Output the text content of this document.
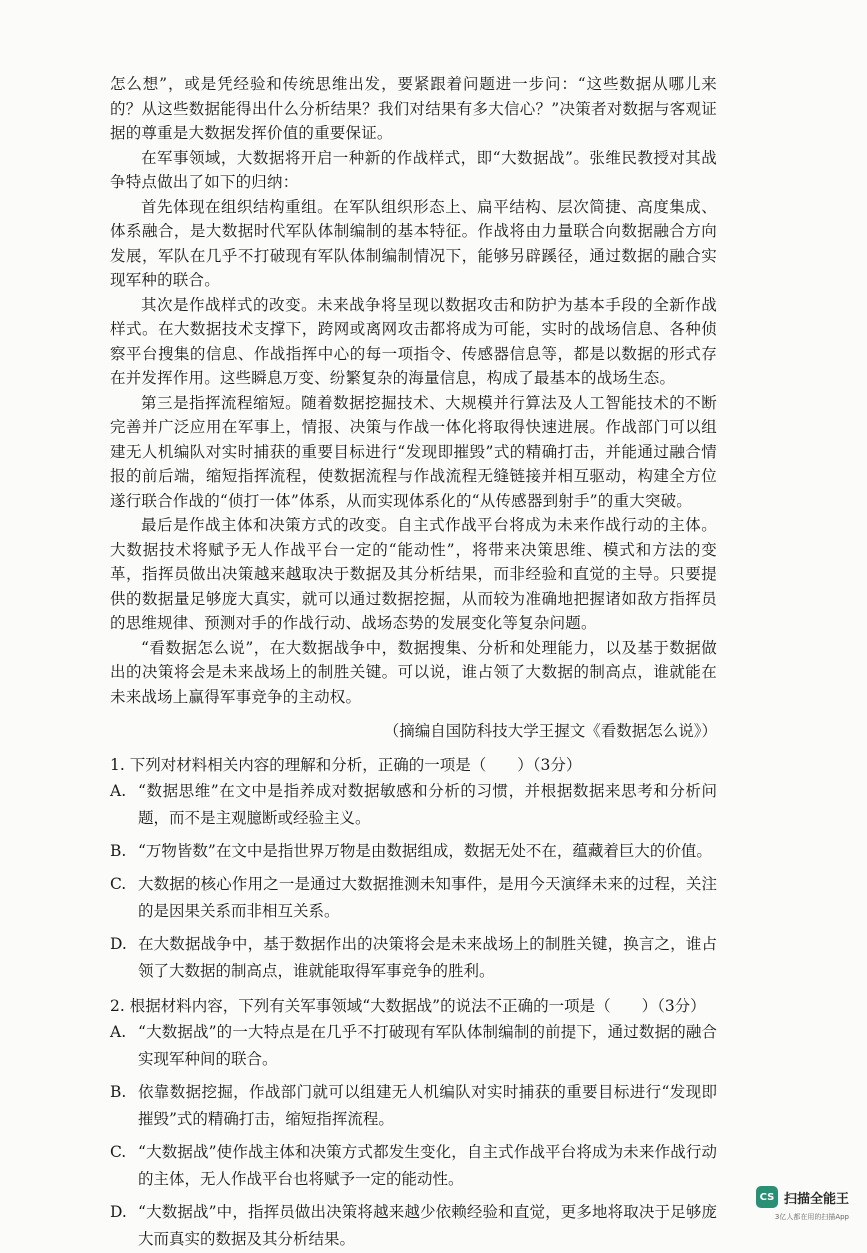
怎么想”，或是凭经验和传统思维出发，要紧跟着问题进一步问：“这些数据从哪儿来的？从这些数据能得出什么分析结果？我们对结果有多大信心？”决策者对数据与客观证据的尊重是大数据发挥价值的重要保证。

在军事领域，大数据将开启一种新的作战样式，即“大数据战”。张维民教授对其战争特点做出了如下的归纳：

首先体现在组织结构重组。在军队组织形态上、扁平结构、层次简捷、高度集成、体系融合，是大数据时代军队体制编制的基本特征。作战将由力量联合向数据融合方向发展，军队在几乎不打破现有军队体制编制情况下，能够另辟蹊径，通过数据的融合实现军种的联合。

其次是作战样式的改变。未来战争将呈现以数据攻击和防护为基本手段的全新作战样式。在大数据技术支撑下，跨网或离网攻击都将成为可能，实时的战场信息、各种侦察平台搜集的信息、作战指挥中心的每一项指令、传感器信息等，都是以数据的形式存在并发挥作用。这些瞬息万变、纷繁复杂的海量信息，构成了最基本的战场生态。

第三是指挥流程缩短。随着数据挖掘技术、大规模并行算法及人工智能技术的不断完善并广泛应用在军事上，情报、决策与作战一体化将取得快速进展。作战部门可以组建无人机编队对实时捕获的重要目标进行“发现即摧毁”式的精确打击，并能通过融合情报的前后端，缩短指挥流程，使数据流程与作战流程无缝链接并相互驱动，构建全方位遂行联合作战的“侦打一体”体系，从而实现体系化的“从传感器到射手”的重大突破。

最后是作战主体和决策方式的改变。自主式作战平台将成为未来作战行动的主体。大数据技术将赋予无人作战平台一定的“能动性”，将带来决策思维、模式和方法的变革，指挥员做出决策越来越取决于数据及其分析结果，而非经验和直觉的主导。只要提供的数据量足够庞大真实，就可以通过数据挖掘，从而较为准确地把握诸如敌方指挥员的思维规律、预测对手的作战行动、战场态势的发展变化等复杂问题。

“看数据怎么说”，在大数据战争中，数据搜集、分析和处理能力，以及基于数据做出的决策将会是未来战场上的制胜关键。可以说，谁占领了大数据的制高点，谁就能在未来战场上赢得军事竞争的主动权。

（摘编自国防科技大学王握文《看数据怎么说》）

1. 下列对材料相关内容的理解和分析，正确的一项是（　　）（3分）

A. “数据思维”在文中是指养成对数据敏感和分析的习惯，并根据数据来思考和分析问题，而不是主观臆断或经验主义。
B. “万物皆数”在文中是指世界万物是由数据组成，数据无处不在，蕴藏着巨大的价值。
C. 大数据的核心作用之一是通过大数据推测未知事件，是用今天演绎未来的过程，关注的是因果关系而非相互关系。
D. 在大数据战争中，基于数据作出的决策将会是未来战场上的制胜关键，换言之，谁占领了大数据的制高点，谁就能取得军事竞争的胜利。

2. 根据材料内容，下列有关军事领域“大数据战”的说法不正确的一项是（　　）（3分）

A. “大数据战”的一大特点是在几乎不打破现有军队体制编制的前提下，通过数据的融合实现军种间的联合。
B. 依靠数据挖掘，作战部门就可以组建无人机编队对实时捕获的重要目标进行“发现即摧毁”式的精确打击，缩短指挥流程。
C. “大数据战”使作战主体和决策方式都发生变化，自主式作战平台将成为未来作战行动的主体，无人作战平台也将赋予一定的能动性。
D. “大数据战”中，指挥员做出决策将越来越少依赖经验和直觉，更多地将取决于足够庞大而真实的数据及其分析结果。
CS 扫描全能王
3亿人都在用的扫描App
